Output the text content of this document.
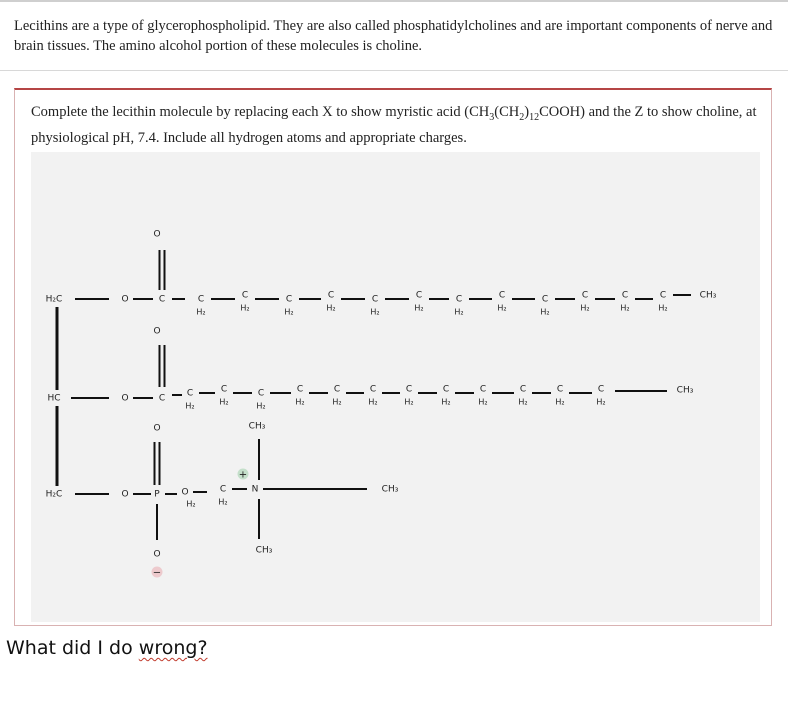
Lecithins are a type of glycerophospholipid. They are also called phosphatidylcholines and are important components of nerve and brain tissues. The amino alcohol portion of these molecules is choline.

Complete the lecithin molecule by replacing each X to show myristic acid $(CH_3(CH_2)_{12}COOH)$ and the Z to show choline, at physiological pH, 7.4. Include all hydrogen atoms and appropriate charges.

H₂C
HC
H₂C
O	C
O
C
H₂
C
H₂
C
H₂
C
H₂
C
H₂
C
H₂
C
H₂
C
H₂
C
H₂
C
H₂
C
H₂
C
H₂
CH₃
O	C
O
C
H₂
C
H₂
C
H₂
C
H₂
C
H₂
C
H₂
C
H₂
C
H₂
C
H₂
C
H₂
C
H₂
C
H₂
CH₃
O	P
O
O
−
O
H₂
C
H₂
N
+
CH₃
CH₃
CH₃
What did I do wrong?
